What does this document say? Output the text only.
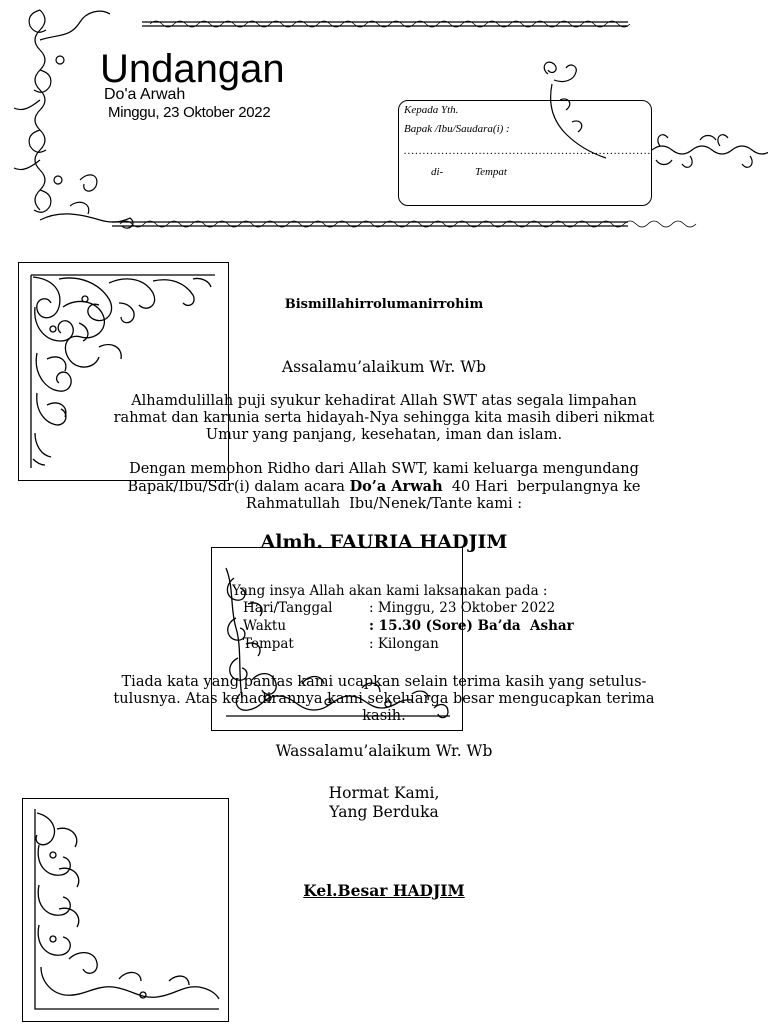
Undangan
Do'a Arwah
Minggu, 23 Oktober 2022	Kepada Yth.
Bapak /Ibu/Saudara(i) :
..................................................................
di-	Tempat
Bismillahirrolumanirrohim
Assalamu’alaikum Wr. Wb
Alhamdulillah puji syukur kehadirat Allah SWT atas segala limpahan
rahmat dan karunia serta hidayah-Nya sehingga kita masih diberi nikmat
Umur yang panjang, kesehatan, iman dan islam.
Dengan memohon Ridho dari Allah SWT, kami keluarga mengundang
Bapak/Ibu/Sdr(i) dalam acara Do’a Arwah  40 Hari  berpulangnya ke
Rahmatullah  Ibu/Nenek/Tante kami :
Almh. FAURIA HADJIM
Yang insya Allah akan kami laksanakan pada :
Hari/Tanggal	: Minggu, 23 Oktober 2022
Waktu	: 15.30 (Sore) Ba’da  Ashar
Tempat	: Kilongan
Tiada kata yang pantas kami ucapkan selain terima kasih yang setulus-
tulusnya. Atas kehadirannya kami sekeluarga besar mengucapkan terima
kasih.
Wassalamu’alaikum Wr. Wb
Hormat Kami,
Yang Berduka
Kel.Besar HADJIM
